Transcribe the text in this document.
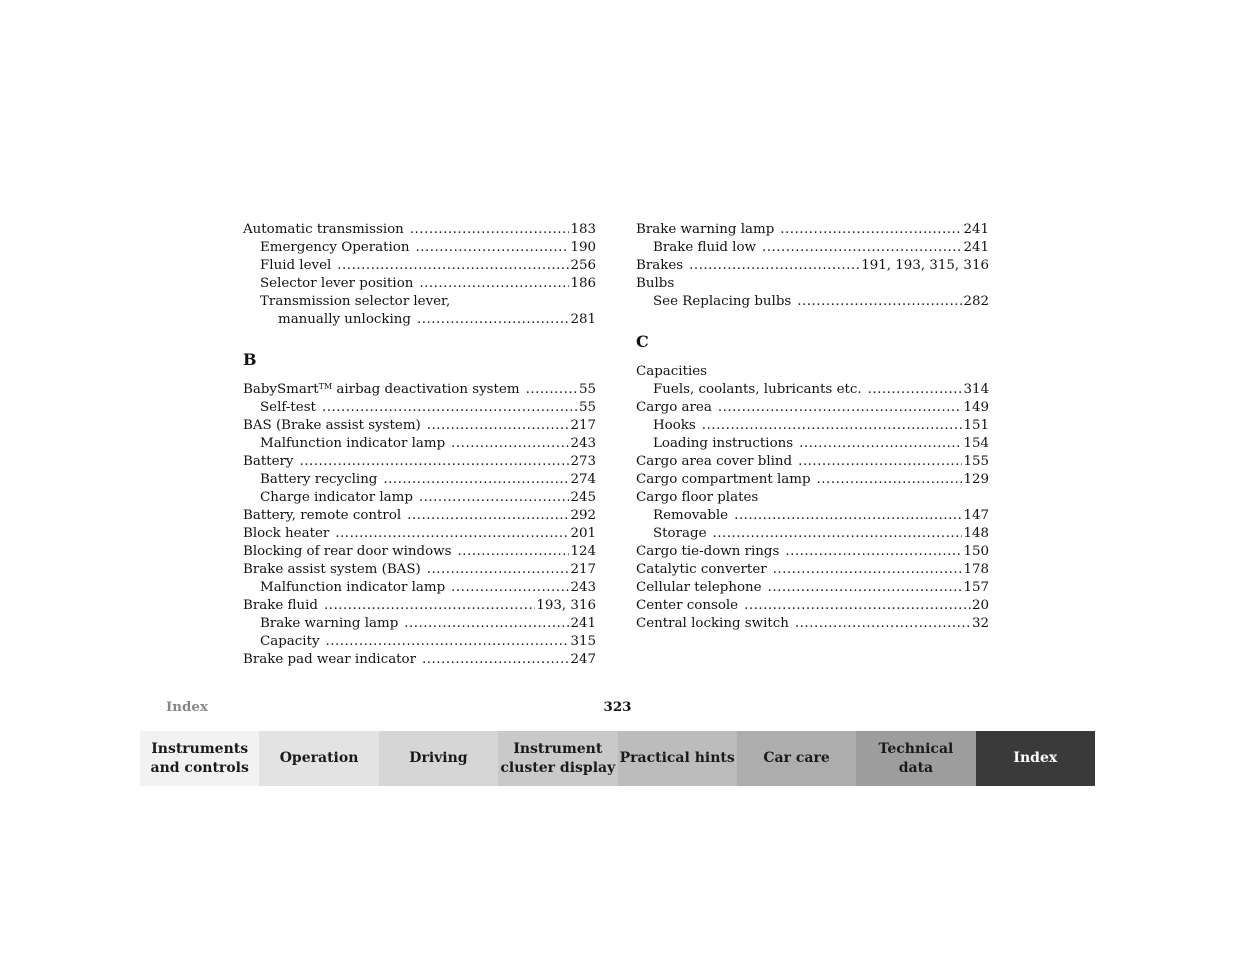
Automatic transmission .....	183
Emergency Operation .....	190
Fluid level .....	256
Selector lever position .....	186
Transmission selector lever,
manually unlocking .....	281
B
BabySmart™ airbag deactivation system .....	55
Self-test .....	55
BAS (Brake assist system) .....	217
Malfunction indicator lamp .....	243
Battery .....	273
Battery recycling .....	274
Charge indicator lamp .....	245
Battery, remote control .....	292
Block heater .....	201
Blocking of rear door windows .....	124
Brake assist system (BAS) .....	217
Malfunction indicator lamp .....	243
Brake fluid .....	193, 316
Brake warning lamp .....	241
Capacity .....	315
Brake pad wear indicator .....	247
Brake warning lamp .....	241
Brake fluid low .....	241
Brakes .....	191, 193, 315, 316
Bulbs
See Replacing bulbs .....	282
C
Capacities
Fuels, coolants, lubricants etc. .....	314
Cargo area .....	149
Hooks .....	151
Loading instructions .....	154
Cargo area cover blind .....	155
Cargo compartment lamp .....	129
Cargo floor plates
Removable .....	147
Storage .....	148
Cargo tie-down rings .....	150
Catalytic converter .....	178
Cellular telephone .....	157
Center console .....	20
Central locking switch .....	32
Index	323
Instruments
and controls
Operation	Driving
Instrument
cluster display
Practical hints	Car care
Technical
data
Index
